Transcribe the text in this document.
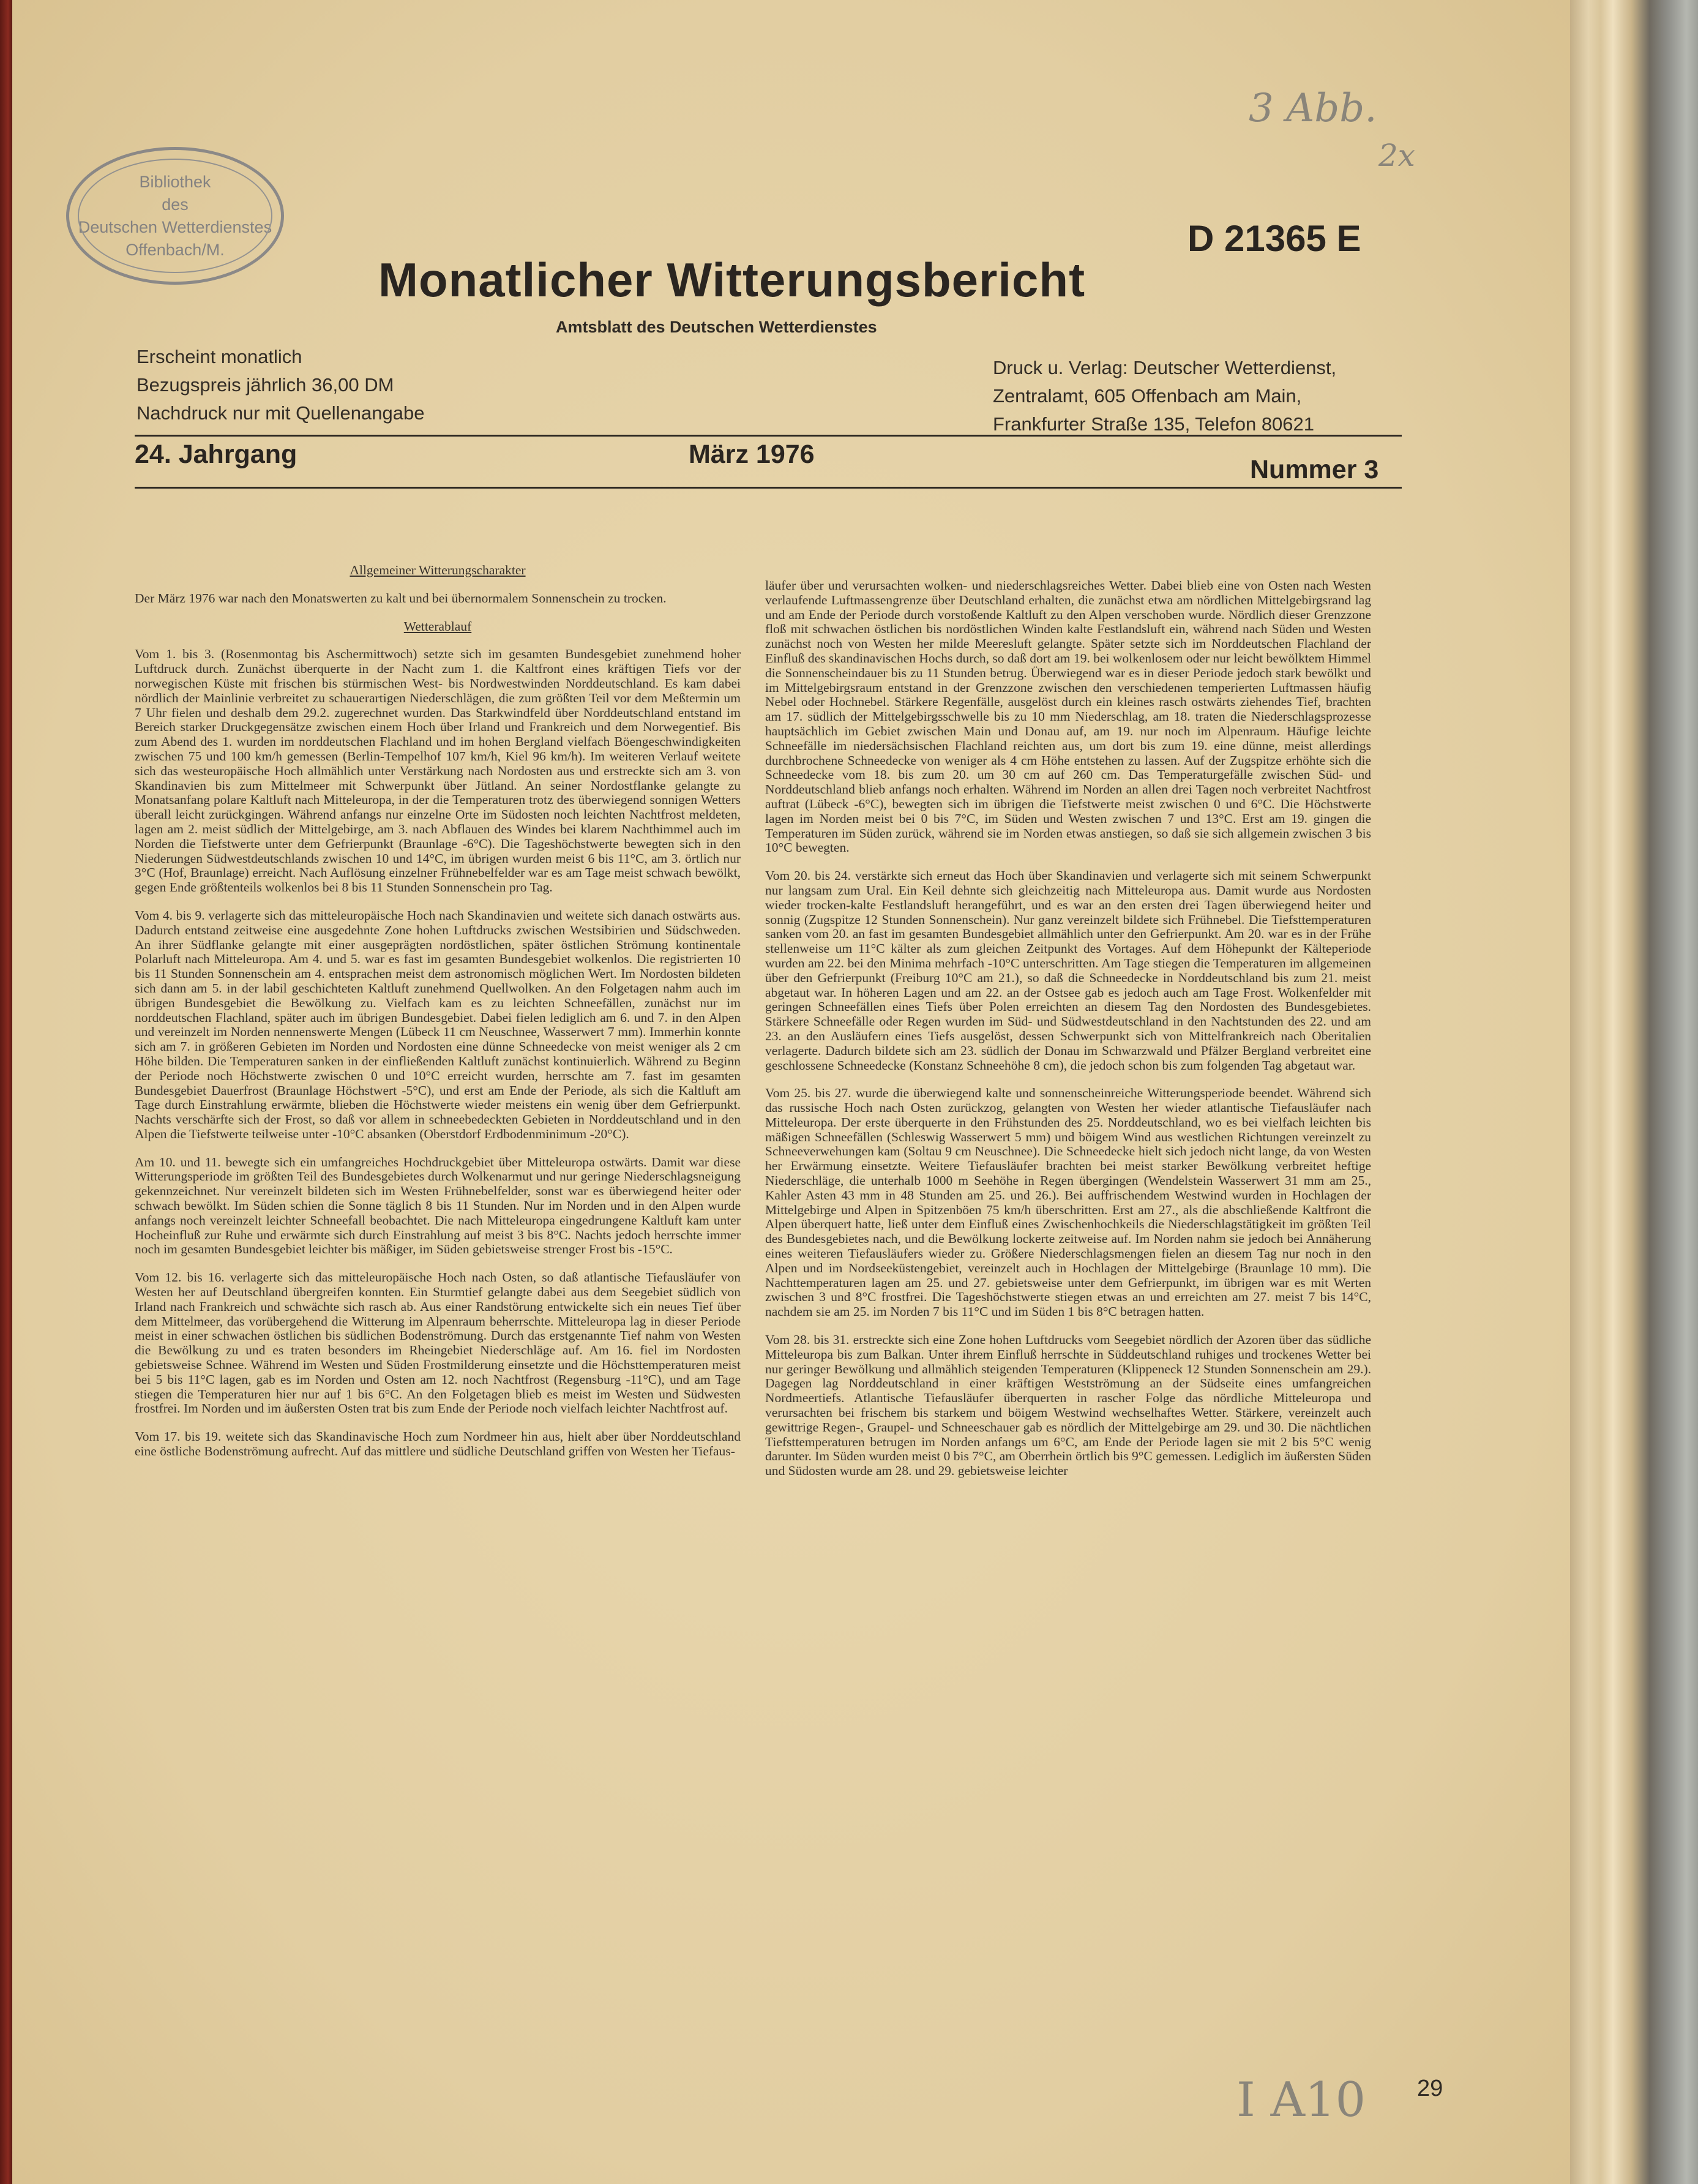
Bibliothek
des
Deutschen Wetterdienstes
Offenbach/M.
3 Abb.
2x
D 21365 E
Monatlicher Witterungsbericht
Amtsblatt des Deutschen Wetterdienstes
Erscheint monatlich
Bezugspreis jährlich 36,00 DM
Nachdruck nur mit Quellenangabe
Druck u. Verlag: Deutscher Wetterdienst,
Zentralamt, 605 Offenbach am Main,
Frankfurter Straße 135, Telefon 80621
24. Jahrgang	März 1976
Nummer 3
Allgemeiner Witterungscharakter
Der März 1976 war nach den Monatswerten zu kalt und bei übernormalem Sonnenschein zu trocken.
Wetterablauf
Vom 1. bis 3. (Rosenmontag bis Aschermittwoch) setzte sich im gesamten Bundesgebiet zunehmend hoher Luftdruck durch. Zunächst überquerte in der Nacht zum 1. die Kaltfront eines kräftigen Tiefs vor der norwegischen Küste mit frischen bis stürmischen West- bis Nordwestwinden Norddeutschland. Es kam dabei nördlich der Mainlinie verbreitet zu schauerartigen Niederschlägen, die zum größten Teil vor dem Meßtermin um 7 Uhr fielen und deshalb dem 29.2. zugerechnet wurden. Das Starkwindfeld über Norddeutschland entstand im Bereich starker Druckgegensätze zwischen einem Hoch über Irland und Frankreich und dem Norwegentief. Bis zum Abend des 1. wurden im norddeutschen Flachland und im hohen Bergland vielfach Böengeschwindigkeiten zwischen 75 und 100 km/h gemessen (Berlin-Tempelhof 107 km/h, Kiel 96 km/h). Im weiteren Verlauf weitete sich das westeuropäische Hoch allmählich unter Verstärkung nach Nordosten aus und erstreckte sich am 3. von Skandinavien bis zum Mittelmeer mit Schwerpunkt über Jütland. An seiner Nordostflanke gelangte zu Monatsanfang polare Kaltluft nach Mitteleuropa, in der die Temperaturen trotz des überwiegend sonnigen Wetters überall leicht zurückgingen. Während anfangs nur einzelne Orte im Südosten noch leichten Nachtfrost meldeten, lagen am 2. meist südlich der Mittelgebirge, am 3. nach Abflauen des Windes bei klarem Nachthimmel auch im Norden die Tiefstwerte unter dem Gefrierpunkt (Braunlage -6°C). Die Tageshöchstwerte bewegten sich in den Niederungen Südwestdeutschlands zwischen 10 und 14°C, im übrigen wurden meist 6 bis 11°C, am 3. örtlich nur 3°C (Hof, Braunlage) erreicht. Nach Auflösung einzelner Frühnebelfelder war es am Tage meist schwach bewölkt, gegen Ende größtenteils wolkenlos bei 8 bis 11 Stunden Sonnenschein pro Tag.
Vom 4. bis 9. verlagerte sich das mitteleuropäische Hoch nach Skandinavien und weitete sich danach ostwärts aus. Dadurch entstand zeitweise eine ausgedehnte Zone hohen Luftdrucks zwischen Westsibirien und Südschweden. An ihrer Südflanke gelangte mit einer ausgeprägten nordöstlichen, später östlichen Strömung kontinentale Polarluft nach Mitteleuropa. Am 4. und 5. war es fast im gesamten Bundesgebiet wolkenlos. Die registrierten 10 bis 11 Stunden Sonnenschein am 4. entsprachen meist dem astronomisch möglichen Wert. Im Nordosten bildeten sich dann am 5. in der labil geschichteten Kaltluft zunehmend Quellwolken. An den Folgetagen nahm auch im übrigen Bundesgebiet die Bewölkung zu. Vielfach kam es zu leichten Schneefällen, zunächst nur im norddeutschen Flachland, später auch im übrigen Bundesgebiet. Dabei fielen lediglich am 6. und 7. in den Alpen und vereinzelt im Norden nennenswerte Mengen (Lübeck 11 cm Neuschnee, Wasserwert 7 mm). Immerhin konnte sich am 7. in größeren Gebieten im Norden und Nordosten eine dünne Schneedecke von meist weniger als 2 cm Höhe bilden. Die Temperaturen sanken in der einfließenden Kaltluft zunächst kontinuierlich. Während zu Beginn der Periode noch Höchstwerte zwischen 0 und 10°C erreicht wurden, herrschte am 7. fast im gesamten Bundesgebiet Dauerfrost (Braunlage Höchstwert -5°C), und erst am Ende der Periode, als sich die Kaltluft am Tage durch Einstrahlung erwärmte, blieben die Höchstwerte wieder meistens ein wenig über dem Gefrierpunkt. Nachts verschärfte sich der Frost, so daß vor allem in schneebedeckten Gebieten in Norddeutschland und in den Alpen die Tiefstwerte teilweise unter -10°C absanken (Oberstdorf Erdbodenminimum -20°C).
Am 10. und 11. bewegte sich ein umfangreiches Hochdruckgebiet über Mitteleuropa ostwärts. Damit war diese Witterungsperiode im größten Teil des Bundesgebietes durch Wolkenarmut und nur geringe Niederschlagsneigung gekennzeichnet. Nur vereinzelt bildeten sich im Westen Frühnebelfelder, sonst war es überwiegend heiter oder schwach bewölkt. Im Süden schien die Sonne täglich 8 bis 11 Stunden. Nur im Norden und in den Alpen wurde anfangs noch vereinzelt leichter Schneefall beobachtet. Die nach Mitteleuropa eingedrungene Kaltluft kam unter Hocheinfluß zur Ruhe und erwärmte sich durch Einstrahlung auf meist 3 bis 8°C. Nachts jedoch herrschte immer noch im gesamten Bundesgebiet leichter bis mäßiger, im Süden gebietsweise strenger Frost bis -15°C.
Vom 12. bis 16. verlagerte sich das mitteleuropäische Hoch nach Osten, so daß atlantische Tiefausläufer von Westen her auf Deutschland übergreifen konnten. Ein Sturmtief gelangte dabei aus dem Seegebiet südlich von Irland nach Frankreich und schwächte sich rasch ab. Aus einer Randstörung entwickelte sich ein neues Tief über dem Mittelmeer, das vorübergehend die Witterung im Alpenraum beherrschte. Mitteleuropa lag in dieser Periode meist in einer schwachen östlichen bis südlichen Bodenströmung. Durch das erstgenannte Tief nahm von Westen die Bewölkung zu und es traten besonders im Rheingebiet Niederschläge auf. Am 16. fiel im Nordosten gebietsweise Schnee. Während im Westen und Süden Frostmilderung einsetzte und die Höchsttemperaturen meist bei 5 bis 11°C lagen, gab es im Norden und Osten am 12. noch Nachtfrost (Regensburg -11°C), und am Tage stiegen die Temperaturen hier nur auf 1 bis 6°C. An den Folgetagen blieb es meist im Westen und Südwesten frostfrei. Im Norden und im äußersten Osten trat bis zum Ende der Periode noch vielfach leichter Nachtfrost auf.
Vom 17. bis 19. weitete sich das Skandinavische Hoch zum Nordmeer hin aus, hielt aber über Norddeutschland eine östliche Bodenströmung aufrecht. Auf das mittlere und südliche Deutschland griffen von Westen her Tiefaus-
läufer über und verursachten wolken- und niederschlagsreiches Wetter. Dabei blieb eine von Osten nach Westen verlaufende Luftmassengrenze über Deutschland erhalten, die zunächst etwa am nördlichen Mittelgebirgsrand lag und am Ende der Periode durch vorstoßende Kaltluft zu den Alpen verschoben wurde. Nördlich dieser Grenzzone floß mit schwachen östlichen bis nordöstlichen Winden kalte Festlandsluft ein, während nach Süden und Westen zunächst noch von Westen her milde Meeresluft gelangte. Später setzte sich im Norddeutschen Flachland der Einfluß des skandinavischen Hochs durch, so daß dort am 19. bei wolkenlosem oder nur leicht bewölktem Himmel die Sonnenscheindauer bis zu 11 Stunden betrug. Überwiegend war es in dieser Periode jedoch stark bewölkt und im Mittelgebirgsraum entstand in der Grenzzone zwischen den verschiedenen temperierten Luftmassen häufig Nebel oder Hochnebel. Stärkere Regenfälle, ausgelöst durch ein kleines rasch ostwärts ziehendes Tief, brachten am 17. südlich der Mittelgebirgsschwelle bis zu 10 mm Niederschlag, am 18. traten die Niederschlagsprozesse hauptsächlich im Gebiet zwischen Main und Donau auf, am 19. nur noch im Alpenraum. Häufige leichte Schneefälle im niedersächsischen Flachland reichten aus, um dort bis zum 19. eine dünne, meist allerdings durchbrochene Schneedecke von weniger als 4 cm Höhe entstehen zu lassen. Auf der Zugspitze erhöhte sich die Schneedecke vom 18. bis zum 20. um 30 cm auf 260 cm. Das Temperaturgefälle zwischen Süd- und Norddeutschland blieb anfangs noch erhalten. Während im Norden an allen drei Tagen noch verbreitet Nachtfrost auftrat (Lübeck -6°C), bewegten sich im übrigen die Tiefstwerte meist zwischen 0 und 6°C. Die Höchstwerte lagen im Norden meist bei 0 bis 7°C, im Süden und Westen zwischen 7 und 13°C. Erst am 19. gingen die Temperaturen im Süden zurück, während sie im Norden etwas anstiegen, so daß sie sich allgemein zwischen 3 bis 10°C bewegten.
Vom 20. bis 24. verstärkte sich erneut das Hoch über Skandinavien und verlagerte sich mit seinem Schwerpunkt nur langsam zum Ural. Ein Keil dehnte sich gleichzeitig nach Mitteleuropa aus. Damit wurde aus Nordosten wieder trocken-kalte Festlandsluft herangeführt, und es war an den ersten drei Tagen überwiegend heiter und sonnig (Zugspitze 12 Stunden Sonnenschein). Nur ganz vereinzelt bildete sich Frühnebel. Die Tiefsttemperaturen sanken vom 20. an fast im gesamten Bundesgebiet allmählich unter den Gefrierpunkt. Am 20. war es in der Frühe stellenweise um 11°C kälter als zum gleichen Zeitpunkt des Vortages. Auf dem Höhepunkt der Kälteperiode wurden am 22. bei den Minima mehrfach -10°C unterschritten. Am Tage stiegen die Temperaturen im allgemeinen über den Gefrierpunkt (Freiburg 10°C am 21.), so daß die Schneedecke in Norddeutschland bis zum 21. meist abgetaut war. In höheren Lagen und am 22. an der Ostsee gab es jedoch auch am Tage Frost. Wolkenfelder mit geringen Schneefällen eines Tiefs über Polen erreichten an diesem Tag den Nordosten des Bundesgebietes. Stärkere Schneefälle oder Regen wurden im Süd- und Südwestdeutschland in den Nachtstunden des 22. und am 23. an den Ausläufern eines Tiefs ausgelöst, dessen Schwerpunkt sich von Mittelfrankreich nach Oberitalien verlagerte. Dadurch bildete sich am 23. südlich der Donau im Schwarzwald und Pfälzer Bergland verbreitet eine geschlossene Schneedecke (Konstanz Schneehöhe 8 cm), die jedoch schon bis zum folgenden Tag abgetaut war.
Vom 25. bis 27. wurde die überwiegend kalte und sonnenscheinreiche Witterungsperiode beendet. Während sich das russische Hoch nach Osten zurückzog, gelangten von Westen her wieder atlantische Tiefausläufer nach Mitteleuropa. Der erste überquerte in den Frühstunden des 25. Norddeutschland, wo es bei vielfach leichten bis mäßigen Schneefällen (Schleswig Wasserwert 5 mm) und böigem Wind aus westlichen Richtungen vereinzelt zu Schneeverwehungen kam (Soltau 9 cm Neuschnee). Die Schneedecke hielt sich jedoch nicht lange, da von Westen her Erwärmung einsetzte. Weitere Tiefausläufer brachten bei meist starker Bewölkung verbreitet heftige Niederschläge, die unterhalb 1000 m Seehöhe in Regen übergingen (Wendelstein Wasserwert 31 mm am 25., Kahler Asten 43 mm in 48 Stunden am 25. und 26.). Bei auffrischendem Westwind wurden in Hochlagen der Mittelgebirge und Alpen in Spitzenböen 75 km/h überschritten. Erst am 27., als die abschließende Kaltfront die Alpen überquert hatte, ließ unter dem Einfluß eines Zwischenhochkeils die Niederschlagstätigkeit im größten Teil des Bundesgebietes nach, und die Bewölkung lockerte zeitweise auf. Im Norden nahm sie jedoch bei Annäherung eines weiteren Tiefausläufers wieder zu. Größere Niederschlagsmengen fielen an diesem Tag nur noch in den Alpen und im Nordseeküstengebiet, vereinzelt auch in Hochlagen der Mittelgebirge (Braunlage 10 mm). Die Nachttemperaturen lagen am 25. und 27. gebietsweise unter dem Gefrierpunkt, im übrigen war es mit Werten zwischen 3 und 8°C frostfrei. Die Tageshöchstwerte stiegen etwas an und erreichten am 27. meist 7 bis 14°C, nachdem sie am 25. im Norden 7 bis 11°C und im Süden 1 bis 8°C betragen hatten.
Vom 28. bis 31. erstreckte sich eine Zone hohen Luftdrucks vom Seegebiet nördlich der Azoren über das südliche Mitteleuropa bis zum Balkan. Unter ihrem Einfluß herrschte in Süddeutschland ruhiges und trockenes Wetter bei nur geringer Bewölkung und allmählich steigenden Temperaturen (Klippeneck 12 Stunden Sonnenschein am 29.). Dagegen lag Norddeutschland in einer kräftigen Westströmung an der Südseite eines umfangreichen Nordmeertiefs. Atlantische Tiefausläufer überquerten in rascher Folge das nördliche Mitteleuropa und verursachten bei frischem bis starkem und böigem Westwind wechselhaftes Wetter. Stärkere, vereinzelt auch gewittrige Regen-, Graupel- und Schneeschauer gab es nördlich der Mittelgebirge am 29. und 30. Die nächtlichen Tiefsttemperaturen betrugen im Norden anfangs um 6°C, am Ende der Periode lagen sie mit 2 bis 5°C wenig darunter. Im Süden wurden meist 0 bis 7°C, am Oberrhein örtlich bis 9°C gemessen. Lediglich im äußersten Süden und Südosten wurde am 28. und 29. gebietsweise leichter
I A10 29
